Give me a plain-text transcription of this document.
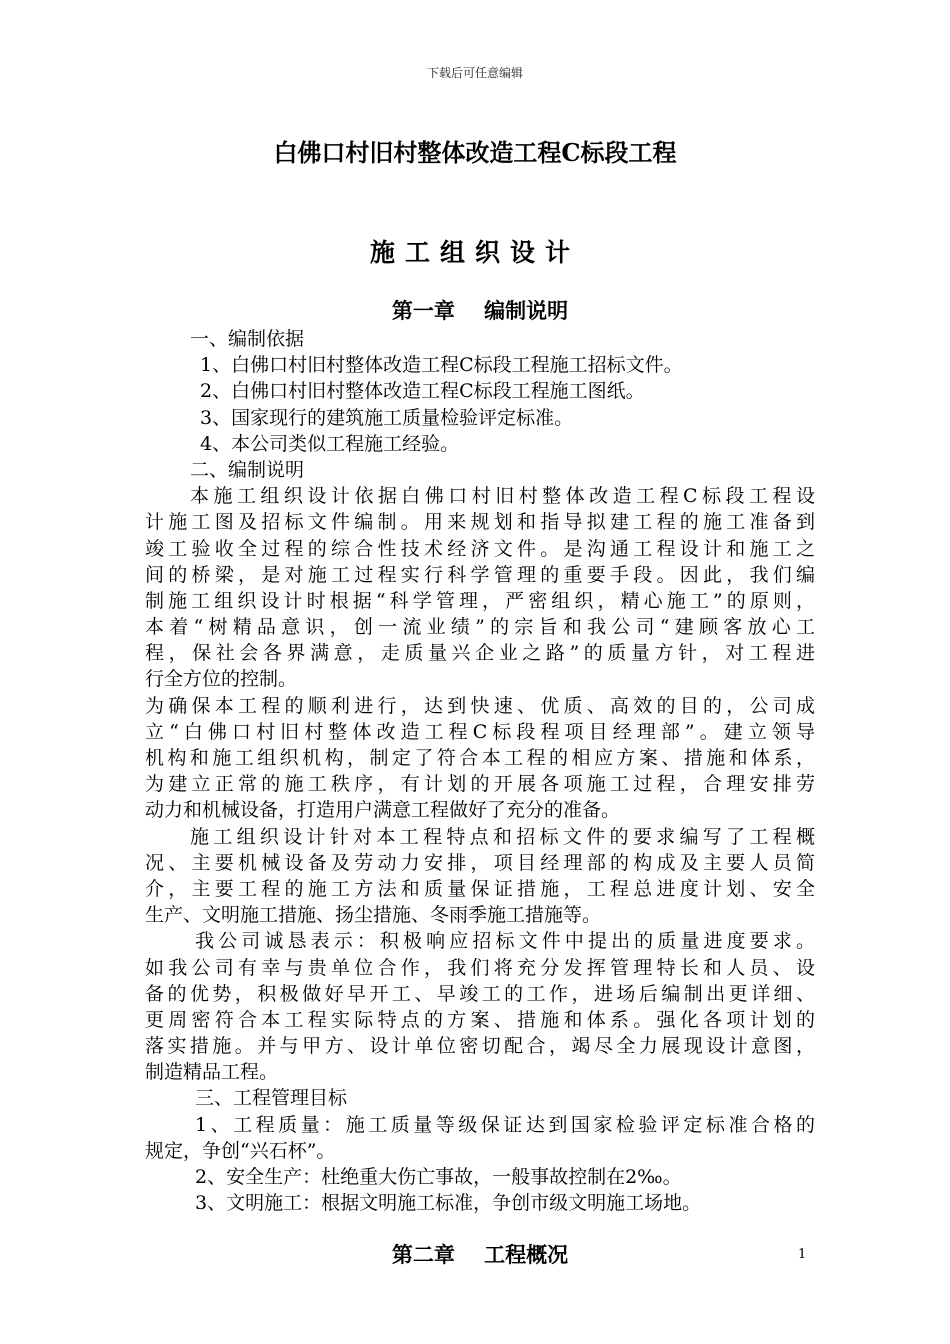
下载后可任意编辑
白佛口村旧村整体改造工程C标段工程
施工组织设计
第一章 编制说明
一、编制依据
1、白佛口村旧村整体改造工程C标段工程施工招标文件。
2、白佛口村旧村整体改造工程C标段工程施工图纸。
3、国家现行的建筑施工质量检验评定标准。
4、本公司类似工程施工经验。
二、编制说明
本施工组织设计依据白佛口村旧村整体改造工程C标段工程设
计施工图及招标文件编制。用来规划和指导拟建工程的施工准备到
竣工验收全过程的综合性技术经济文件。是沟通工程设计和施工之
间的桥梁，是对施工过程实行科学管理的重要手段。因此，我们编
制施工组织设计时根据“科学管理，严密组织，精心施工”的原则，
本着“树精品意识，创一流业绩”的宗旨和我公司“建顾客放心工
程，保社会各界满意，走质量兴企业之路”的质量方针，对工程进
行全方位的控制。
为确保本工程的顺利进行，达到快速、优质、高效的目的，公司成
立“白佛口村旧村整体改造工程C标段程项目经理部”。建立领导
机构和施工组织机构，制定了符合本工程的相应方案、措施和体系，
为建立正常的施工秩序，有计划的开展各项施工过程，合理安排劳
动力和机械设备，打造用户满意工程做好了充分的准备。
施工组织设计针对本工程特点和招标文件的要求编写了工程概
况、主要机械设备及劳动力安排，项目经理部的构成及主要人员简
介，主要工程的施工方法和质量保证措施，工程总进度计划、安全
生产、文明施工措施、扬尘措施、冬雨季施工措施等。
我公司诚恳表示：积极响应招标文件中提出的质量进度要求。
如我公司有幸与贵单位合作，我们将充分发挥管理特长和人员、设
备的优势，积极做好早开工、早竣工的工作，进场后编制出更详细、
更周密符合本工程实际特点的方案、措施和体系。强化各项计划的
落实措施。并与甲方、设计单位密切配合，竭尽全力展现设计意图，
制造精品工程。
三、工程管理目标
1、工程质量：施工质量等级保证达到国家检验评定标准合格的
规定，争创“兴石杯”。
2、安全生产：杜绝重大伤亡事故，一般事故控制在2‰。
3、文明施工：根据文明施工标准，争创市级文明施工场地。
第二章 工程概况	1
